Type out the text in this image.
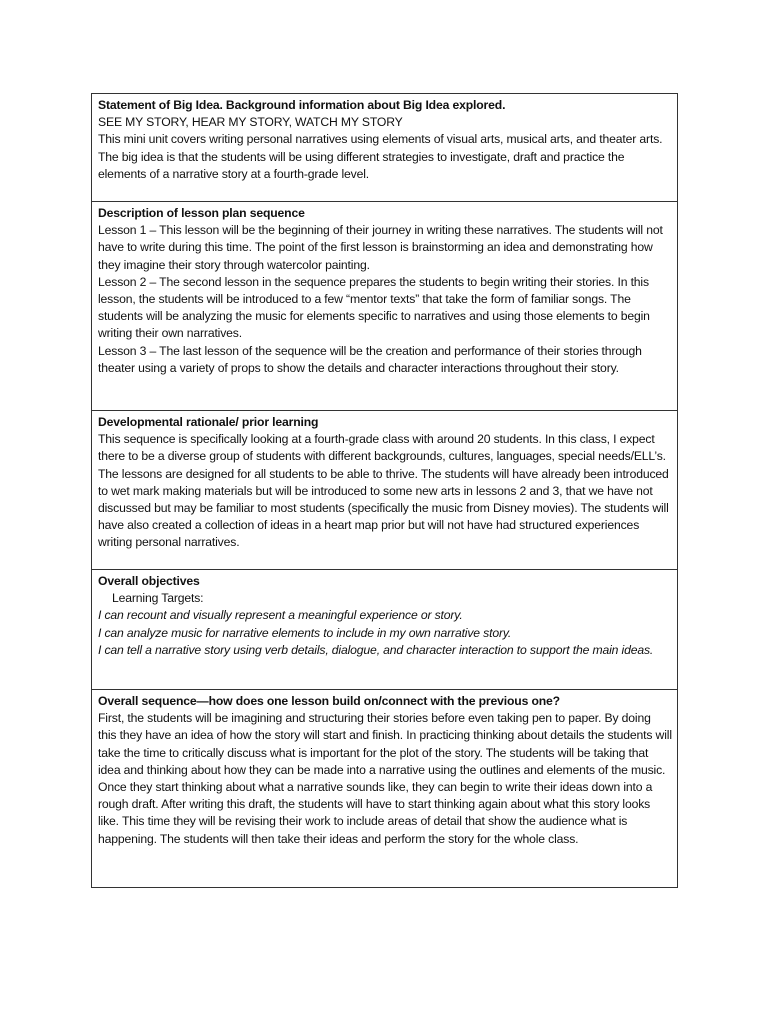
Statement of Big Idea. Background information about Big Idea explored.

SEE MY STORY, HEAR MY STORY, WATCH MY STORY

This mini unit covers writing personal narratives using elements of visual arts, musical arts, and theater arts. The big idea is that the students will be using different strategies to investigate, draft and practice the elements of a narrative story at a fourth-grade level.

Description of lesson plan sequence

Lesson 1 – This lesson will be the beginning of their journey in writing these narratives. The students will not have to write during this time. The point of the first lesson is brainstorming an idea and demonstrating how they imagine their story through watercolor painting.

Lesson 2 – The second lesson in the sequence prepares the students to begin writing their stories. In this lesson, the students will be introduced to a few “mentor texts” that take the form of familiar songs. The students will be analyzing the music for elements specific to narratives and using those elements to begin writing their own narratives.

Lesson 3 – The last lesson of the sequence will be the creation and performance of their stories through theater using a variety of props to show the details and character interactions throughout their story.

Developmental rationale/ prior learning

This sequence is specifically looking at a fourth-grade class with around 20 students. In this class, I expect there to be a diverse group of students with different backgrounds, cultures, languages, special needs/ELL’s. The lessons are designed for all students to be able to thrive. The students will have already been introduced to wet mark making materials but will be introduced to some new arts in lessons 2 and 3, that we have not discussed but may be familiar to most students (specifically the music from Disney movies). The students will have also created a collection of ideas in a heart map prior but will not have had structured experiences writing personal narratives.

Overall objectives

Learning Targets:

I can recount and visually represent a meaningful experience or story.

I can analyze music for narrative elements to include in my own narrative story.

I can tell a narrative story using verb details, dialogue, and character interaction to support the main ideas.

Overall sequence—how does one lesson build on/connect with the previous one?

First, the students will be imagining and structuring their stories before even taking pen to paper. By doing this they have an idea of how the story will start and finish. In practicing thinking about details the students will take the time to critically discuss what is important for the plot of the story. The students will be taking that idea and thinking about how they can be made into a narrative using the outlines and elements of the music. Once they start thinking about what a narrative sounds like, they can begin to write their ideas down into a rough draft. After writing this draft, the students will have to start thinking again about what this story looks like. This time they will be revising their work to include areas of detail that show the audience what is happening. The students will then take their ideas and perform the story for the whole class.
